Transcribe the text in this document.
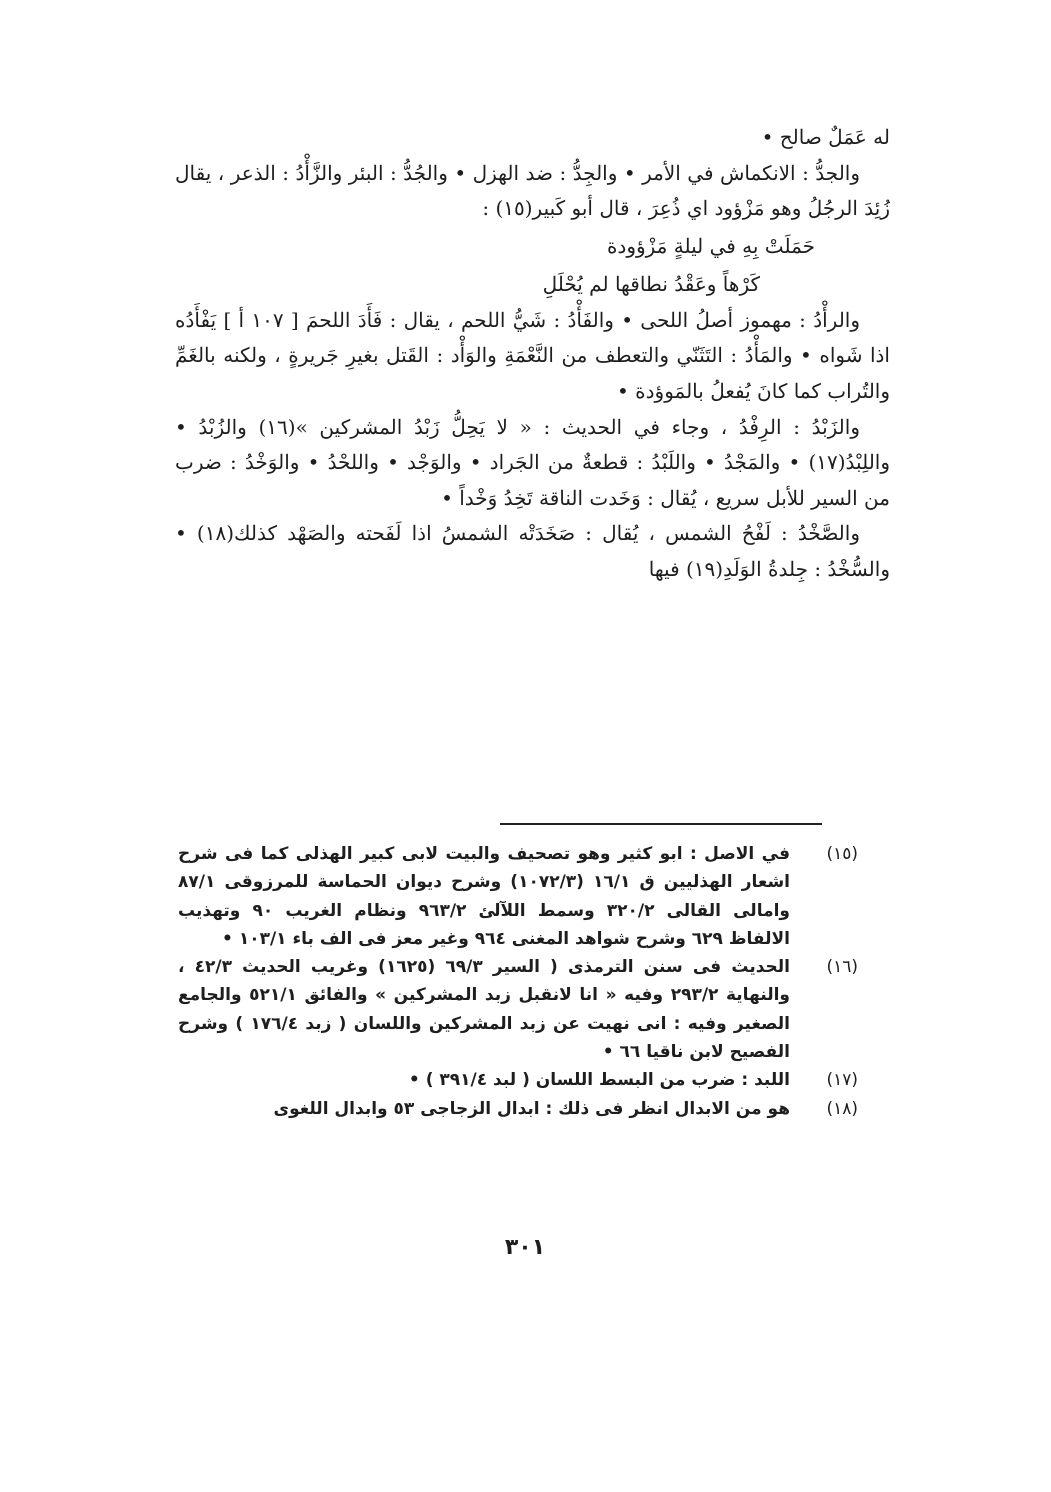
له عَمَلٌ صالح •

والجدُّ : الانكماش في الأمر • والجِدُّ : ضد الهزل • والجُدُّ : البئر والزَّأْدُ : الذعر ، يقال زُئِدَ الرجُلُ وهو مَزْؤود اي ذُعِرَ ، قال أبو كَبير(١٥) :

حَمَلَتْ بِهِ في ليلةٍ مَزْؤودة
كَرْهاً وعَقْدُ نطاقها لم يُحْلَلِ

والرأْدُ : مهموز أصلُ اللحى • والفَأْدُ : شَيُّ اللحم ، يقال : فَأَدَ اللحمَ [ ١٠٧ أ ] يَفْأَدُه اذا شَواه • والمَأْدُ : التَثَنّي والتعطف من النَّعْمَةِ والوَأْد : القَتل بغيرِ جَريرةٍ ، ولكنه بالغَمِّ والتُراب كما كانَ يُفعلُ بالمَوؤدة •

والزَبْدُ : الرِفْدُ ، وجاء في الحديث : « لا يَحِلُّ زَبْدُ المشركين »(١٦) والزُبْدُ • واللِبْدُ(١٧) • والمَجْدُ • واللَبْدُ : قطعةٌ من الجَراد • والوَجْد • واللحْدُ • والوَخْدُ : ضرب من السير للأبل سريع ، يُقال : وَخَدت الناقة تَخِدُ وَخْداً •

والصَّخْدُ : لَفْحُ الشمس ، يُقال : صَخَدَتْه الشمسُ اذا لَفَحته والصَهْد كذلك(١٨) • والسُّخْدُ : جِلدةُ الوَلَدِ(١٩) فيها

(١٥)
في الاصل : ابو كثير وهو تصحيف والبيت لابى كبير الهذلى كما فى شرح اشعار الهذليين ق ١٦/١ (١٠٧٢/٣) وشرح ديوان الحماسة للمرزوقى ٨٧/١ وامالى القالى ٣٢٠/٢ وسمط اللآلئ ٩٦٣/٢ ونظام الغريب ٩٠ وتهذيب الالفاظ ٦٢٩ وشرح شواهد المغنى ٩٦٤ وغير معز فى الف باء ١٠٣/١ •
(١٦)
الحديث فى سنن الترمذى ( السير ٦٩/٣ (١٦٢٥) وغريب الحديث ٤٢/٣ ، والنهاية ٢٩٣/٢ وفيه « انا لانقبل زبد المشركين » والفائق ٥٢١/١ والجامع الصغير وفيه : انى نهيت عن زبد المشركين واللسان ( زبد ١٧٦/٤ ) وشرح الفصيح لابن ناقيا ٦٦ •
(١٧)
اللبد : ضرب من البسط اللسان ( لبد ٣٩١/٤ ) •
(١٨)
هو من الابدال انظر فى ذلك : ابدال الزجاجى ٥٣ وابدال اللغوى
٣٠١
